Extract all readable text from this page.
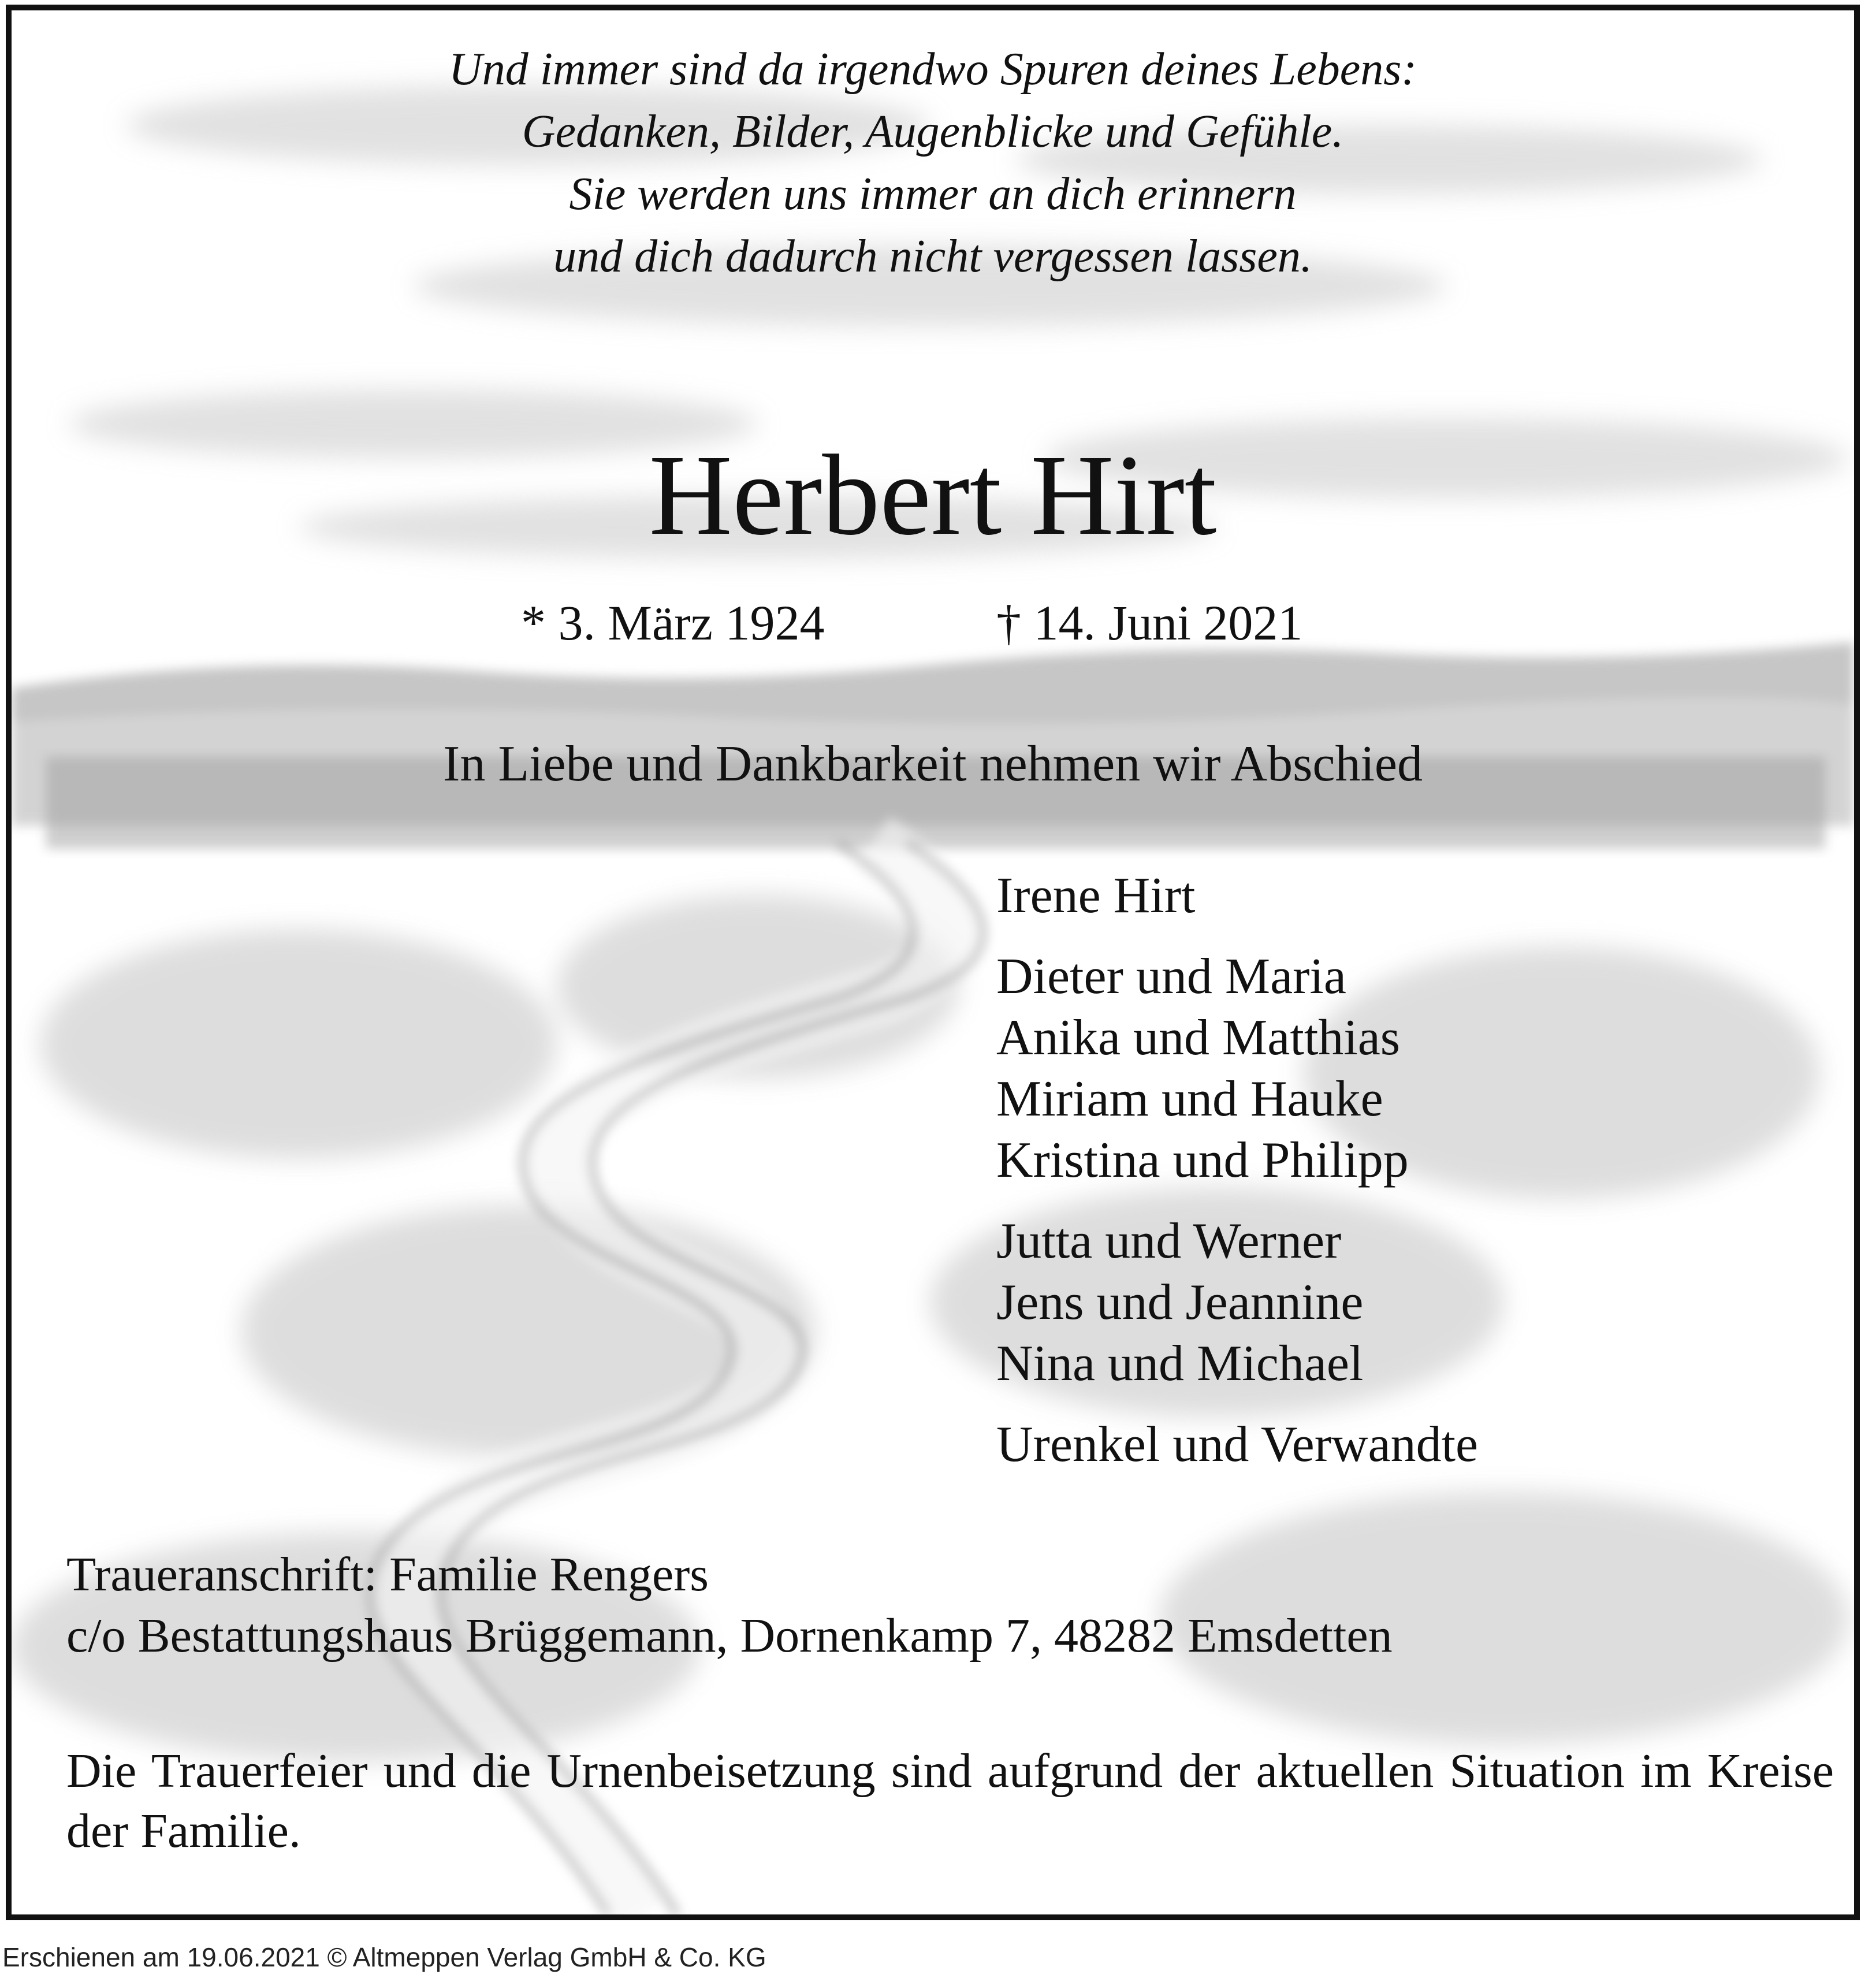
Und immer sind da irgendwo Spuren deines Lebens:
Gedanken, Bilder, Augenblicke und Gefühle.
Sie werden uns immer an dich erinnern
und dich dadurch nicht vergessen lassen.
Herbert Hirt
* 3. März 1924	† 14. Juni 2021
In Liebe und Dankbarkeit nehmen wir Abschied
Irene Hirt
Dieter und Maria
Anika und Matthias
Miriam und Hauke
Kristina und Philipp
Jutta und Werner
Jens und Jeannine
Nina und Michael
Urenkel und Verwandte
Traueranschrift: Familie Rengers
c/o Bestattungshaus Brüggemann, Dornenkamp 7, 48282 Emsdetten
Die Trauerfeier und die Urnenbeisetzung sind aufgrund der aktuellen Situation im Kreise der Familie.
Erschienen am 19.06.2021 © Altmeppen Verlag GmbH & Co. KG
